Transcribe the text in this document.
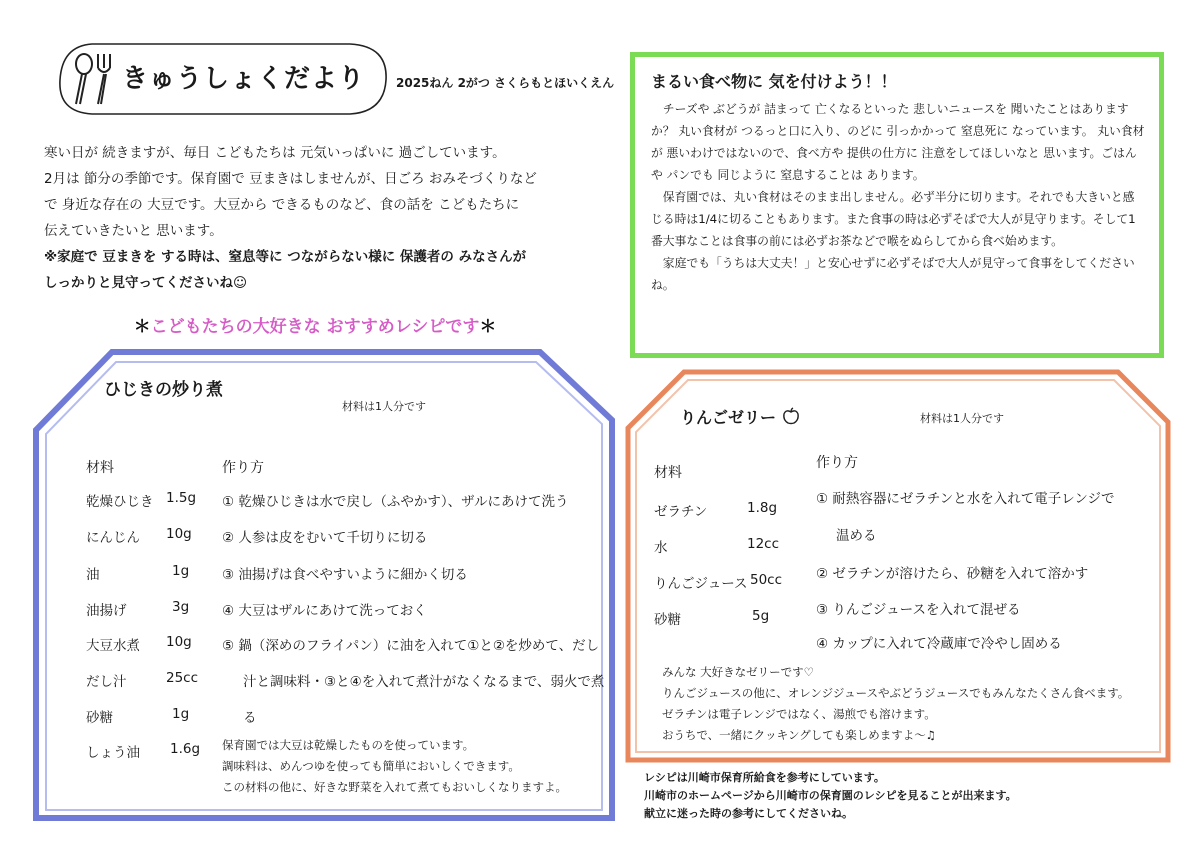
きゅうしょくだより	2025ねん 2がつ さくらもとほいくえん

寒い日が 続きますが、毎日 こどもたちは 元気いっぱいに 過ごしています。

2月は 節分の季節です。保育園で 豆まきはしませんが、日ごろ おみそづくりなど

で 身近な存在の 大豆です。大豆から できるものなど、食の話を こどもたちに

伝えていきたいと 思います。

※家庭で 豆まきを する時は、窒息等に つながらない様に 保護者の みなさんが

しっかりと見守ってくださいね☺

＊こどもたちの大好きな おすすめレシピです＊
まるい食べ物に 気を付けよう！！

チーズや ぶどうが 詰まって 亡くなるといった 悲しいニュースを 聞いたことはありますか？ 丸い食材が つるっと口に入り、のどに 引っかかって 窒息死に なっています。 丸い食材が 悪いわけではないので、食べ方や 提供の仕方に 注意をしてほしいなと 思います。ごはんや パンでも 同じように 窒息することは あります。

保育園では、丸い食材はそのまま出しません。必ず半分に切ります。それでも大きいと感じる時は1/4に切ることもあります。また食事の時は必ずそばで大人が見守ります。そして1番大事なことは食事の前には必ずお茶などで喉をぬらしてから食べ始めます。

家庭でも「うちは大丈夫！」と安心せずに必ずそばで大人が見守って食事をしてくださいね。

ひじきの炒り煮
材料は1人分です
材料	作り方
乾燥ひじき 1.5g
にんじん 10g
油	1g
油揚げ	3g
大豆水煮 10g
だし汁	25cc
砂糖	1g
しょう油 1.6g
① 乾燥ひじきは水で戻し（ふやかす）、ザルにあけて洗う
② 人参は皮をむいて千切りに切る
③ 油揚げは食べやすいように細かく切る
④ 大豆はザルにあけて洗っておく
⑤ 鍋（深めのフライパン）に油を入れて①と②を炒めて、だし
汁と調味料・③と④を入れて煮汁がなくなるまで、弱火で煮
る
保育園では大豆は乾燥したものを使っています。
調味料は、めんつゆを使っても簡単においしくできます。
この材料の他に、好きな野菜を入れて煮てもおいしくなりますよ。
りんごゼリー	材料は1人分です
材料
作り方
ゼラチン	1.8g
水	12cc
りんごジュース 50cc
砂糖	5g
① 耐熱容器にゼラチンと水を入れて電子レンジで
温める
② ゼラチンが溶けたら、砂糖を入れて溶かす
③ りんごジュースを入れて混ぜる
④ カップに入れて冷蔵庫で冷やし固める
みんな 大好きなゼリーです♡
りんごジュースの他に、オレンジジュースやぶどうジュースでもみんなたくさん食べます。
ゼラチンは電子レンジではなく、湯煎でも溶けます。
おうちで、一緒にクッキングしても楽しめますよ～♫
レシピは川崎市保育所給食を参考にしています。
川崎市のホームページから川崎市の保育園のレシピを見ることが出来ます。
献立に迷った時の参考にしてくださいね。
